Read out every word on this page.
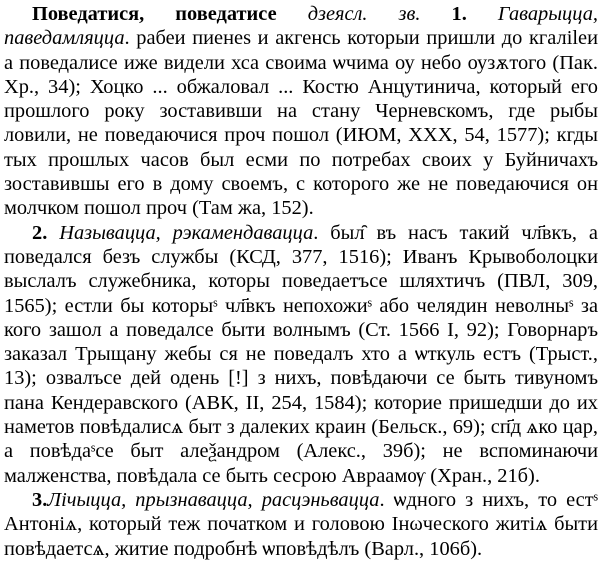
Поведатися, поведатисе дзеясл. зв. 1. Гаварыцца, паведамляцца. рабеи пиенеѕ и акгенсь которыи пришли до кгалilеи а поведалисе иже видели хса своима ѡчима оу небо оузѫтого (Пак. Хр., 34); Хоцко ... обжаловал ... Костю Анцутинича, который его прошлого року зоставивши на стану Черневскомъ, где рыбы ловили, не поведаючися проч пошол (ИЮМ, XXX, 54, 1577); кгды тых прошлых часов был есми по потребах своих у Буйничахъ зоставившы его в дому своемъ, с которого же не поведаючися он молчком пошол проч (Там жа, 152).

2. Называцца, рэкамендавацца. был̑ въ насъ такий чл҃вкъ, а поведался безъ службы (КСД, 377, 1516); Иванъ Крывоболоцки выслалъ служебника, которы поведаетъсе шляхтичъ (ПВЛ, 309, 1565); естли бы которыˢ чл҃вкъ непохожиˢ або челядин неволныˢ за кого зашол а поведалсе быти волнымъ (Ст. 1566 I, 92); Говорнаръ заказал Трыщану жебы ся не поведалъ хто а ѡткуль естъ (Трыст., 13); озвалъсе дей одень [!] з нихъ, повѣдаючи се быть тивуномъ пана Кендеравского (АВК, II, 254, 1584); которие пришедши до их наметов повѣдалисѧ быт з далеких краин (Бельск., 69); сп҃д ѧко цар, а повѣдаˢсе быт алеѯандром (Алекс., 39б); не вспоминаючи малженства, повѣдала се быть сесрою Авраамѹ (Хран., 21б).

3.Лічыцца, прызнавацца, расцэньвацца. ѡдного з нихъ, то естˢ Антонiѧ, который теж початком и головою Iнωческого житiѧ быти повѣдаетсѧ, житие подробнѣ ѡповѣдѣлъ (Варл., 106б).
